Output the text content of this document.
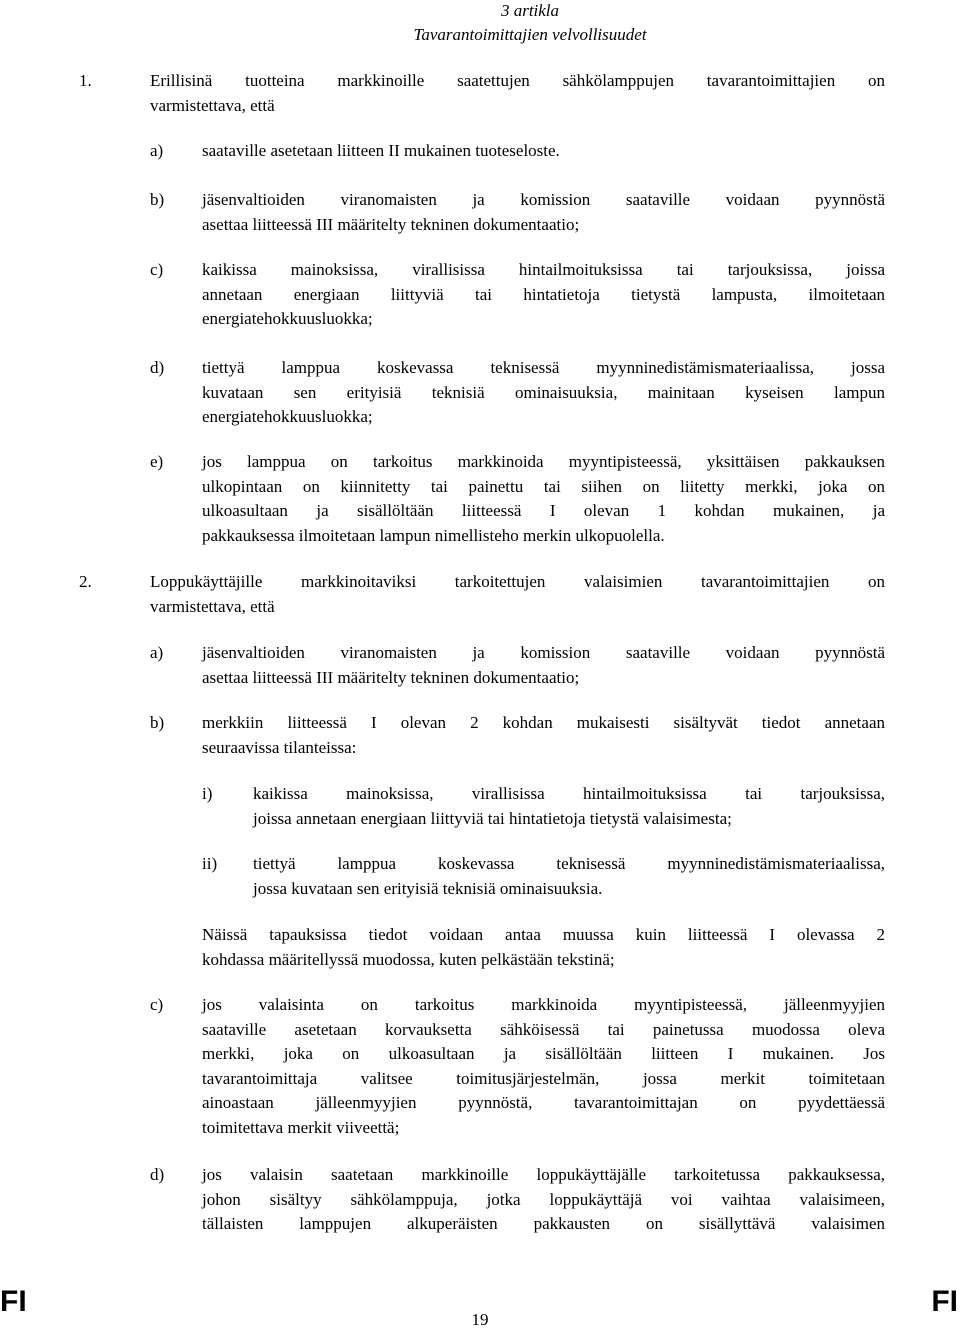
3 artikla
Tavarantoimittajien velvollisuudet
1.	Erillisinä tuotteina markkinoille saatettujen sähkölamppujen tavarantoimittajien on
varmistettava, että
a) saataville asetetaan liitteen II mukainen tuoteseloste.
b) jäsenvaltioiden viranomaisten ja komission saataville voidaan pyynnöstä
asettaa liitteessä III määritelty tekninen dokumentaatio;
c) kaikissa mainoksissa, virallisissa hintailmoituksissa tai tarjouksissa, joissa
annetaan energiaan liittyviä tai hintatietoja tietystä lampusta, ilmoitetaan
energiatehokkuusluokka;
d) tiettyä lamppua koskevassa teknisessä myynninedistämismateriaalissa, jossa
kuvataan sen erityisiä teknisiä ominaisuuksia, mainitaan kyseisen lampun
energiatehokkuusluokka;
e) jos lamppua on tarkoitus markkinoida myyntipisteessä, yksittäisen pakkauksen
ulkopintaan on kiinnitetty tai painettu tai siihen on liitetty merkki, joka on
ulkoasultaan ja sisällöltään liitteessä I olevan 1 kohdan mukainen, ja
pakkauksessa ilmoitetaan lampun nimellisteho merkin ulkopuolella.
2.	Loppukäyttäjille markkinoitaviksi tarkoitettujen valaisimien tavarantoimittajien on
varmistettava, että
a) jäsenvaltioiden viranomaisten ja komission saataville voidaan pyynnöstä
asettaa liitteessä III määritelty tekninen dokumentaatio;
b) merkkiin liitteessä I olevan 2 kohdan mukaisesti sisältyvät tiedot annetaan
seuraavissa tilanteissa:
i) kaikissa mainoksissa, virallisissa hintailmoituksissa tai tarjouksissa,
joissa annetaan energiaan liittyviä tai hintatietoja tietystä valaisimesta;
ii) tiettyä lamppua koskevassa teknisessä myynninedistämismateriaalissa,
jossa kuvataan sen erityisiä teknisiä ominaisuuksia.
Näissä tapauksissa tiedot voidaan antaa muussa kuin liitteessä I olevassa 2
kohdassa määritellyssä muodossa, kuten pelkästään tekstinä;
c) jos valaisinta on tarkoitus markkinoida myyntipisteessä, jälleenmyyjien
saataville asetetaan korvauksetta sähköisessä tai painetussa muodossa oleva
merkki, joka on ulkoasultaan ja sisällöltään liitteen I mukainen. Jos
tavarantoimittaja valitsee toimitusjärjestelmän, jossa merkit toimitetaan
ainoastaan jälleenmyyjien pyynnöstä, tavarantoimittajan on pyydettäessä
toimitettava merkit viiveettä;
d) jos valaisin saatetaan markkinoille loppukäyttäjälle tarkoitetussa pakkauksessa,
johon sisältyy sähkölamppuja, jotka loppukäyttäjä voi vaihtaa valaisimeen,
tällaisten lamppujen alkuperäisten pakkausten on sisällyttävä valaisimen
FI
19
FI
